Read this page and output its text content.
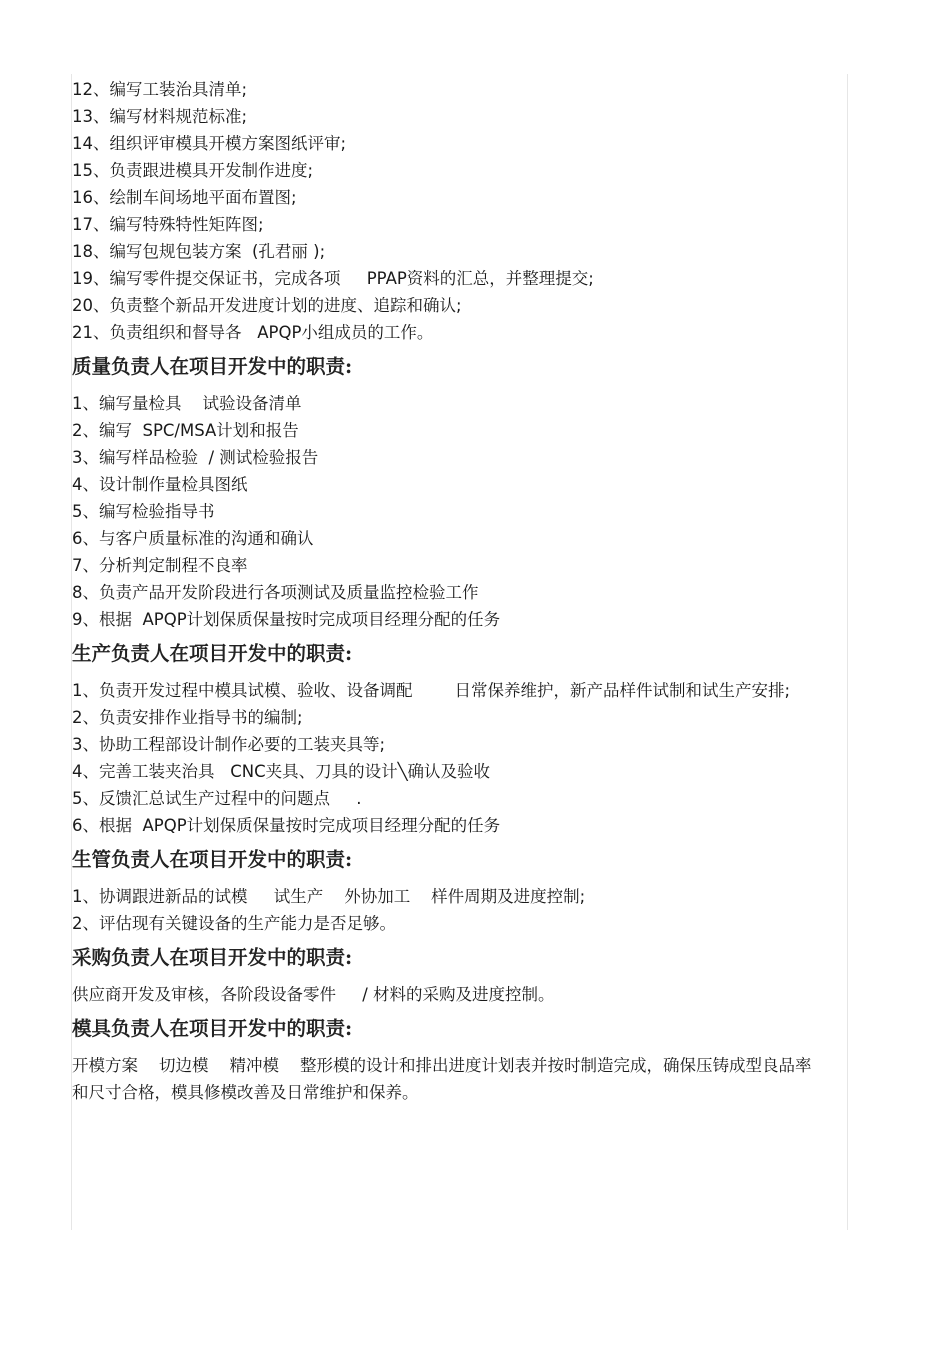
12、编写工装治具清单;

13、编写材料规范标准;

14、组织评审模具开模方案图纸评审;

15、负责跟进模具开发制作进度;

16、绘制车间场地平面布置图;

17、编写特殊特性矩阵图;

18、编写包规包装方案  (孔君丽 );

19、编写零件提交保证书，完成各项     PPAP资料的汇总，并整理提交;

20、负责整个新品开发进度计划的进度、追踪和确认;

21、负责组织和督导各   APQP小组成员的工作。

质量负责人在项目开发中的职责:

1、编写量检具    试验设备清单

2、编写  SPC/MSA计划和报告

3、编写样品检验  / 测试检验报告

4、设计制作量检具图纸

5、编写检验指导书

6、与客户质量标准的沟通和确认

7、分析判定制程不良率

8、负责产品开发阶段进行各项测试及质量监控检验工作

9、根据  APQP计划保质保量按时完成项目经理分配的任务

生产负责人在项目开发中的职责:

1、负责开发过程中模具试模、验收、设备调配        日常保养维护，新产品样件试制和试生产安排;

2、负责安排作业指导书的编制;

3、协助工程部设计制作必要的工装夹具等;

4、完善工装夹治具   CNC夹具、刀具的设计╲确认及验收

5、反馈汇总试生产过程中的问题点     .

6、根据  APQP计划保质保量按时完成项目经理分配的任务

生管负责人在项目开发中的职责:

1、协调跟进新品的试模     试生产    外协加工    样件周期及进度控制;

2、评估现有关键设备的生产能力是否足够。

采购负责人在项目开发中的职责:

供应商开发及审核，各阶段设备零件     / 材料的采购及进度控制。

模具负责人在项目开发中的职责:

开模方案    切边模    精冲模    整形模的设计和排出进度计划表并按时制造完成，确保压铸成型良品率和尺寸合格，模具修模改善及日常维护和保养。
